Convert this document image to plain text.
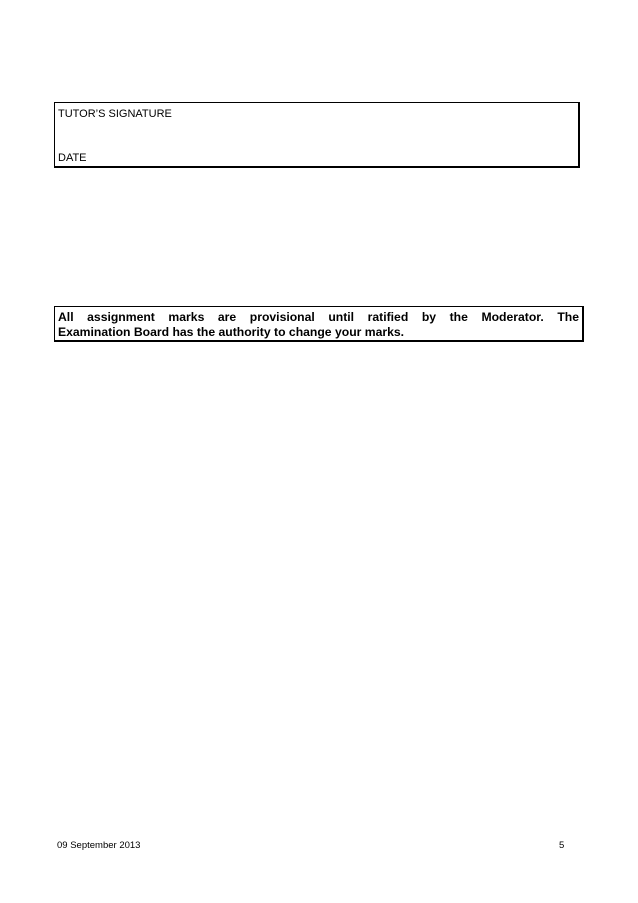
TUTOR’S SIGNATURE
DATE
All assignment marks are provisional until ratified by the Moderator. The
Examination Board has the authority to change your marks.
09 September 2013	5
